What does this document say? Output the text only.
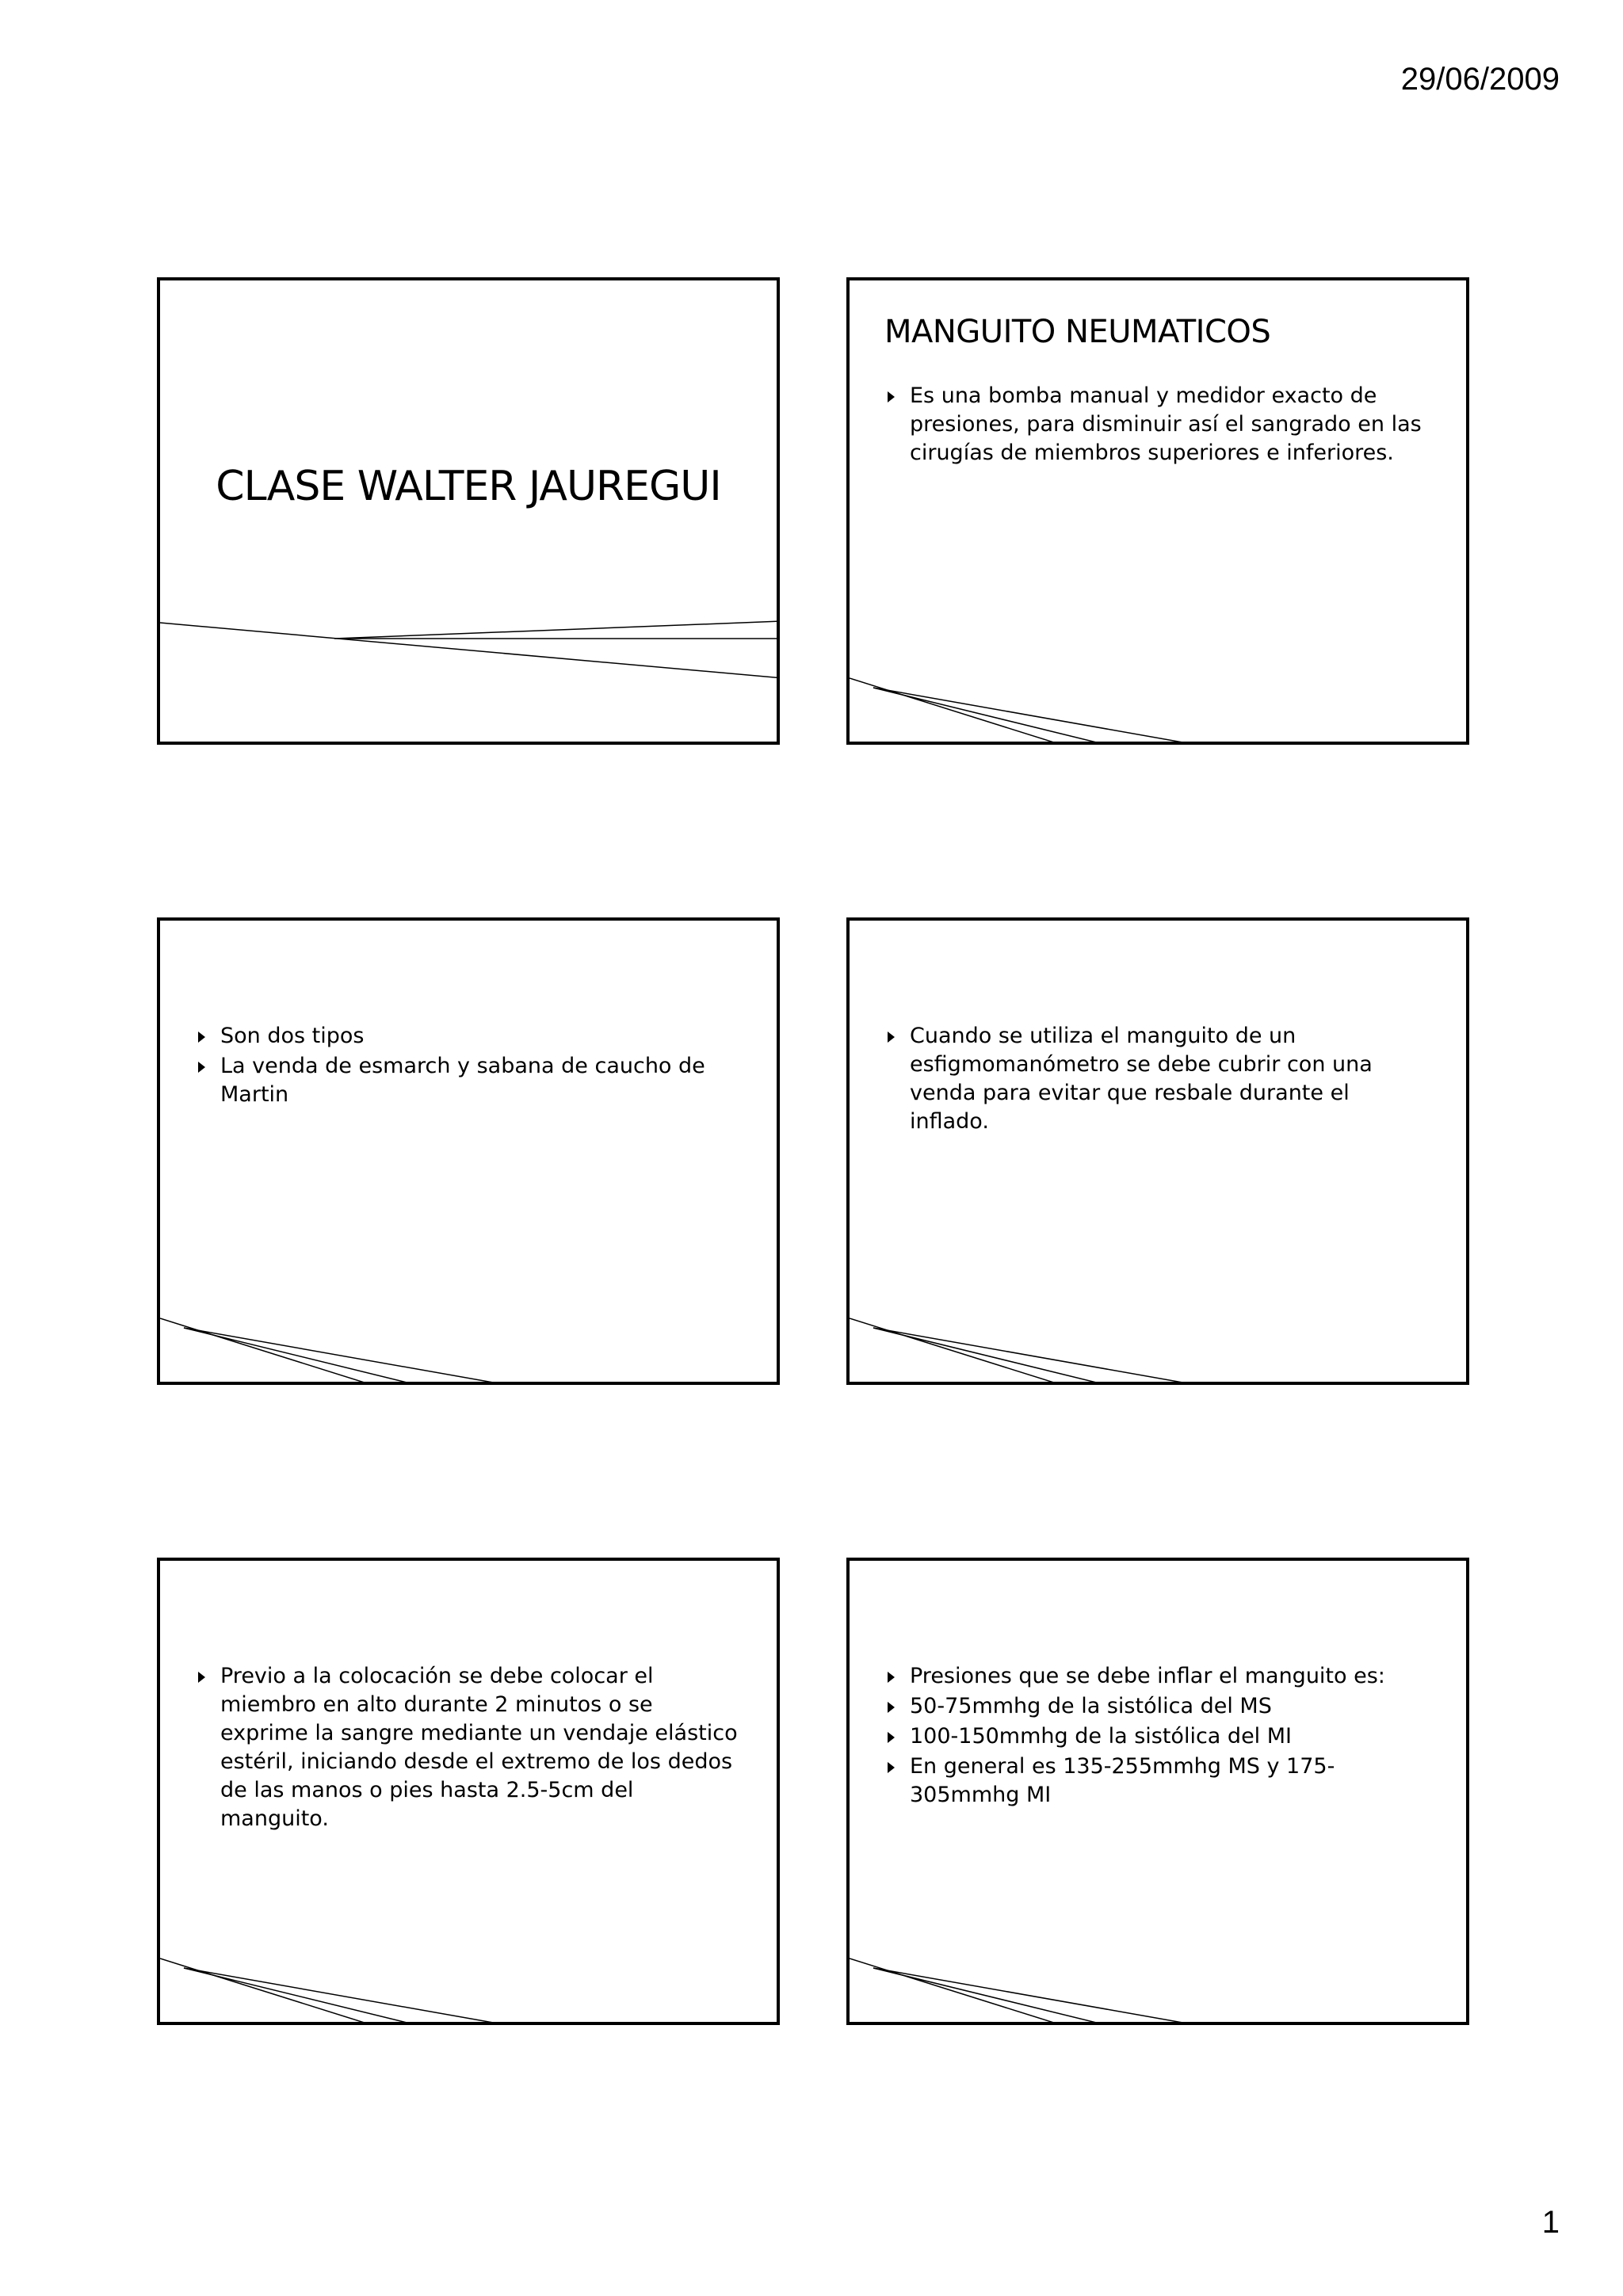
29/06/2009
CLASE WALTER JAUREGUI
MANGUITO NEUMATICOS
Es una bomba manual y medidor exacto de presiones, para disminuir así el sangrado en las cirugías de miembros superiores e inferiores.
Son dos tipos
La venda de esmarch y sabana de caucho de Martin
Cuando se utiliza el manguito de un esfigmomanómetro se debe cubrir con una venda para evitar que resbale durante el inflado.
Previo a la colocación se debe colocar el miembro en alto durante 2 minutos o se exprime la sangre mediante un vendaje elástico estéril, iniciando desde el extremo de los dedos de las manos o pies hasta 2.5-5cm del manguito.
Presiones que se debe inflar el manguito es:
50-75mmhg de la sistólica del MS
100-150mmhg de la sistólica del MI
En general es 135-255mmhg MS y 175-305mmhg MI
1
